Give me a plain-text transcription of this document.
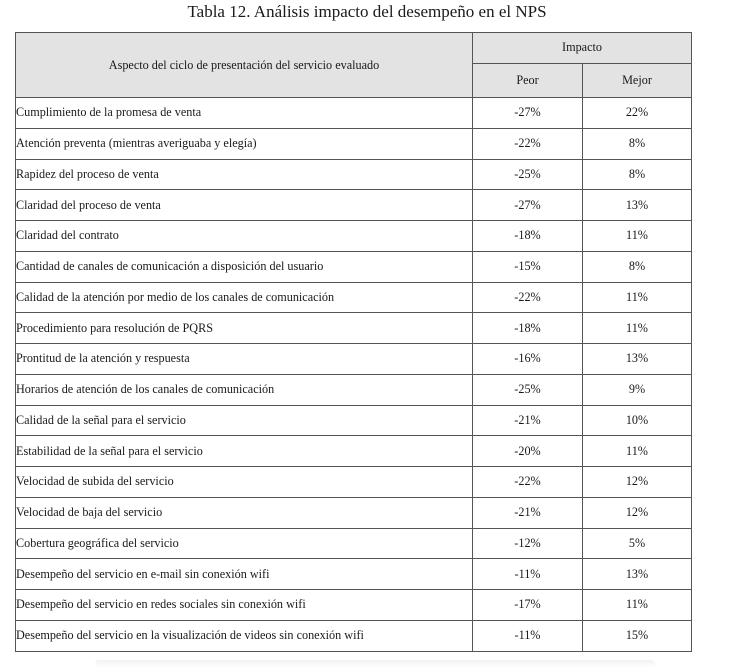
Tabla 12. Análisis impacto del desempeño en el NPS
Aspecto del ciclo de presentación del servicio evaluado	Impacto	
	Peor	Mejor
Cumplimiento de la promesa de venta	-27%	22%
Atención preventa (mientras averiguaba y elegía)	-22%	8%
Rapidez del proceso de venta	-25%	8%
Claridad del proceso de venta	-27%	13%
Claridad del contrato	-18%	11%
Cantidad de canales de comunicación a disposición del usuario	-15%	8%
Calidad de la atención por medio de los canales de comunicación	-22%	11%
Procedimiento para resolución de PQRS	-18%	11%
Prontitud de la atención y respuesta	-16%	13%
Horarios de atención de los canales de comunicación	-25%	9%
Calidad de la señal para el servicio	-21%	10%
Estabilidad de la señal para el servicio	-20%	11%
Velocidad de subida del servicio	-22%	12%
Velocidad de baja del servicio	-21%	12%
Cobertura geográfica del servicio	-12%	5%
Desempeño del servicio en e-mail sin conexión wifi	-11%	13%
Desempeño del servicio en redes sociales sin conexión wifi	-17%	11%
Desempeño del servicio en la visualización de videos sin conexión wifi	-11%	15%
